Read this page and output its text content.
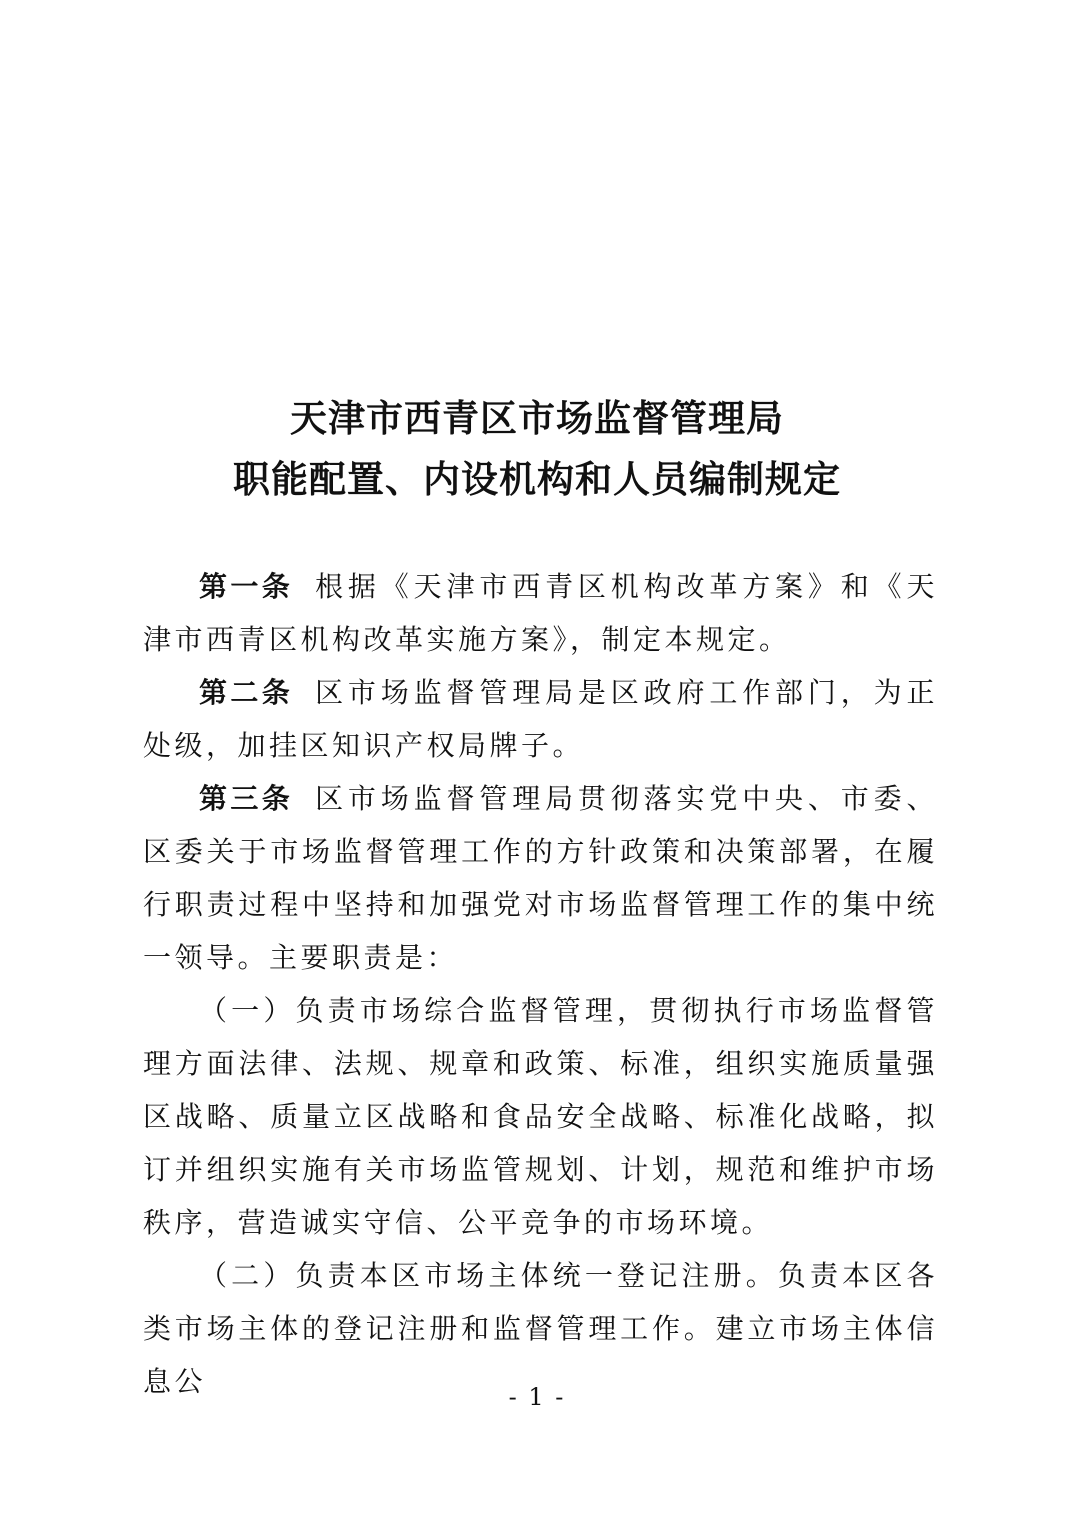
天津市西青区市场监督管理局
职能配置、内设机构和人员编制规定

第一条 根据《天津市西青区机构改革方案》和《天津市西青区机构改革实施方案》，制定本规定。

第二条 区市场监督管理局是区政府工作部门，为正处级，加挂区知识产权局牌子。

第三条 区市场监督管理局贯彻落实党中央、市委、区委关于市场监督管理工作的方针政策和决策部署，在履行职责过程中坚持和加强党对市场监督管理工作的集中统一领导。主要职责是：

（一）负责市场综合监督管理，贯彻执行市场监督管理方面法律、法规、规章和政策、标准，组织实施质量强区战略、质量立区战略和食品安全战略、标准化战略，拟订并组织实施有关市场监管规划、计划，规范和维护市场秩序，营造诚实守信、公平竞争的市场环境。

（二）负责本区市场主体统一登记注册。负责本区各类市场主体的登记注册和监督管理工作。建立市场主体信息公	- 1 -
